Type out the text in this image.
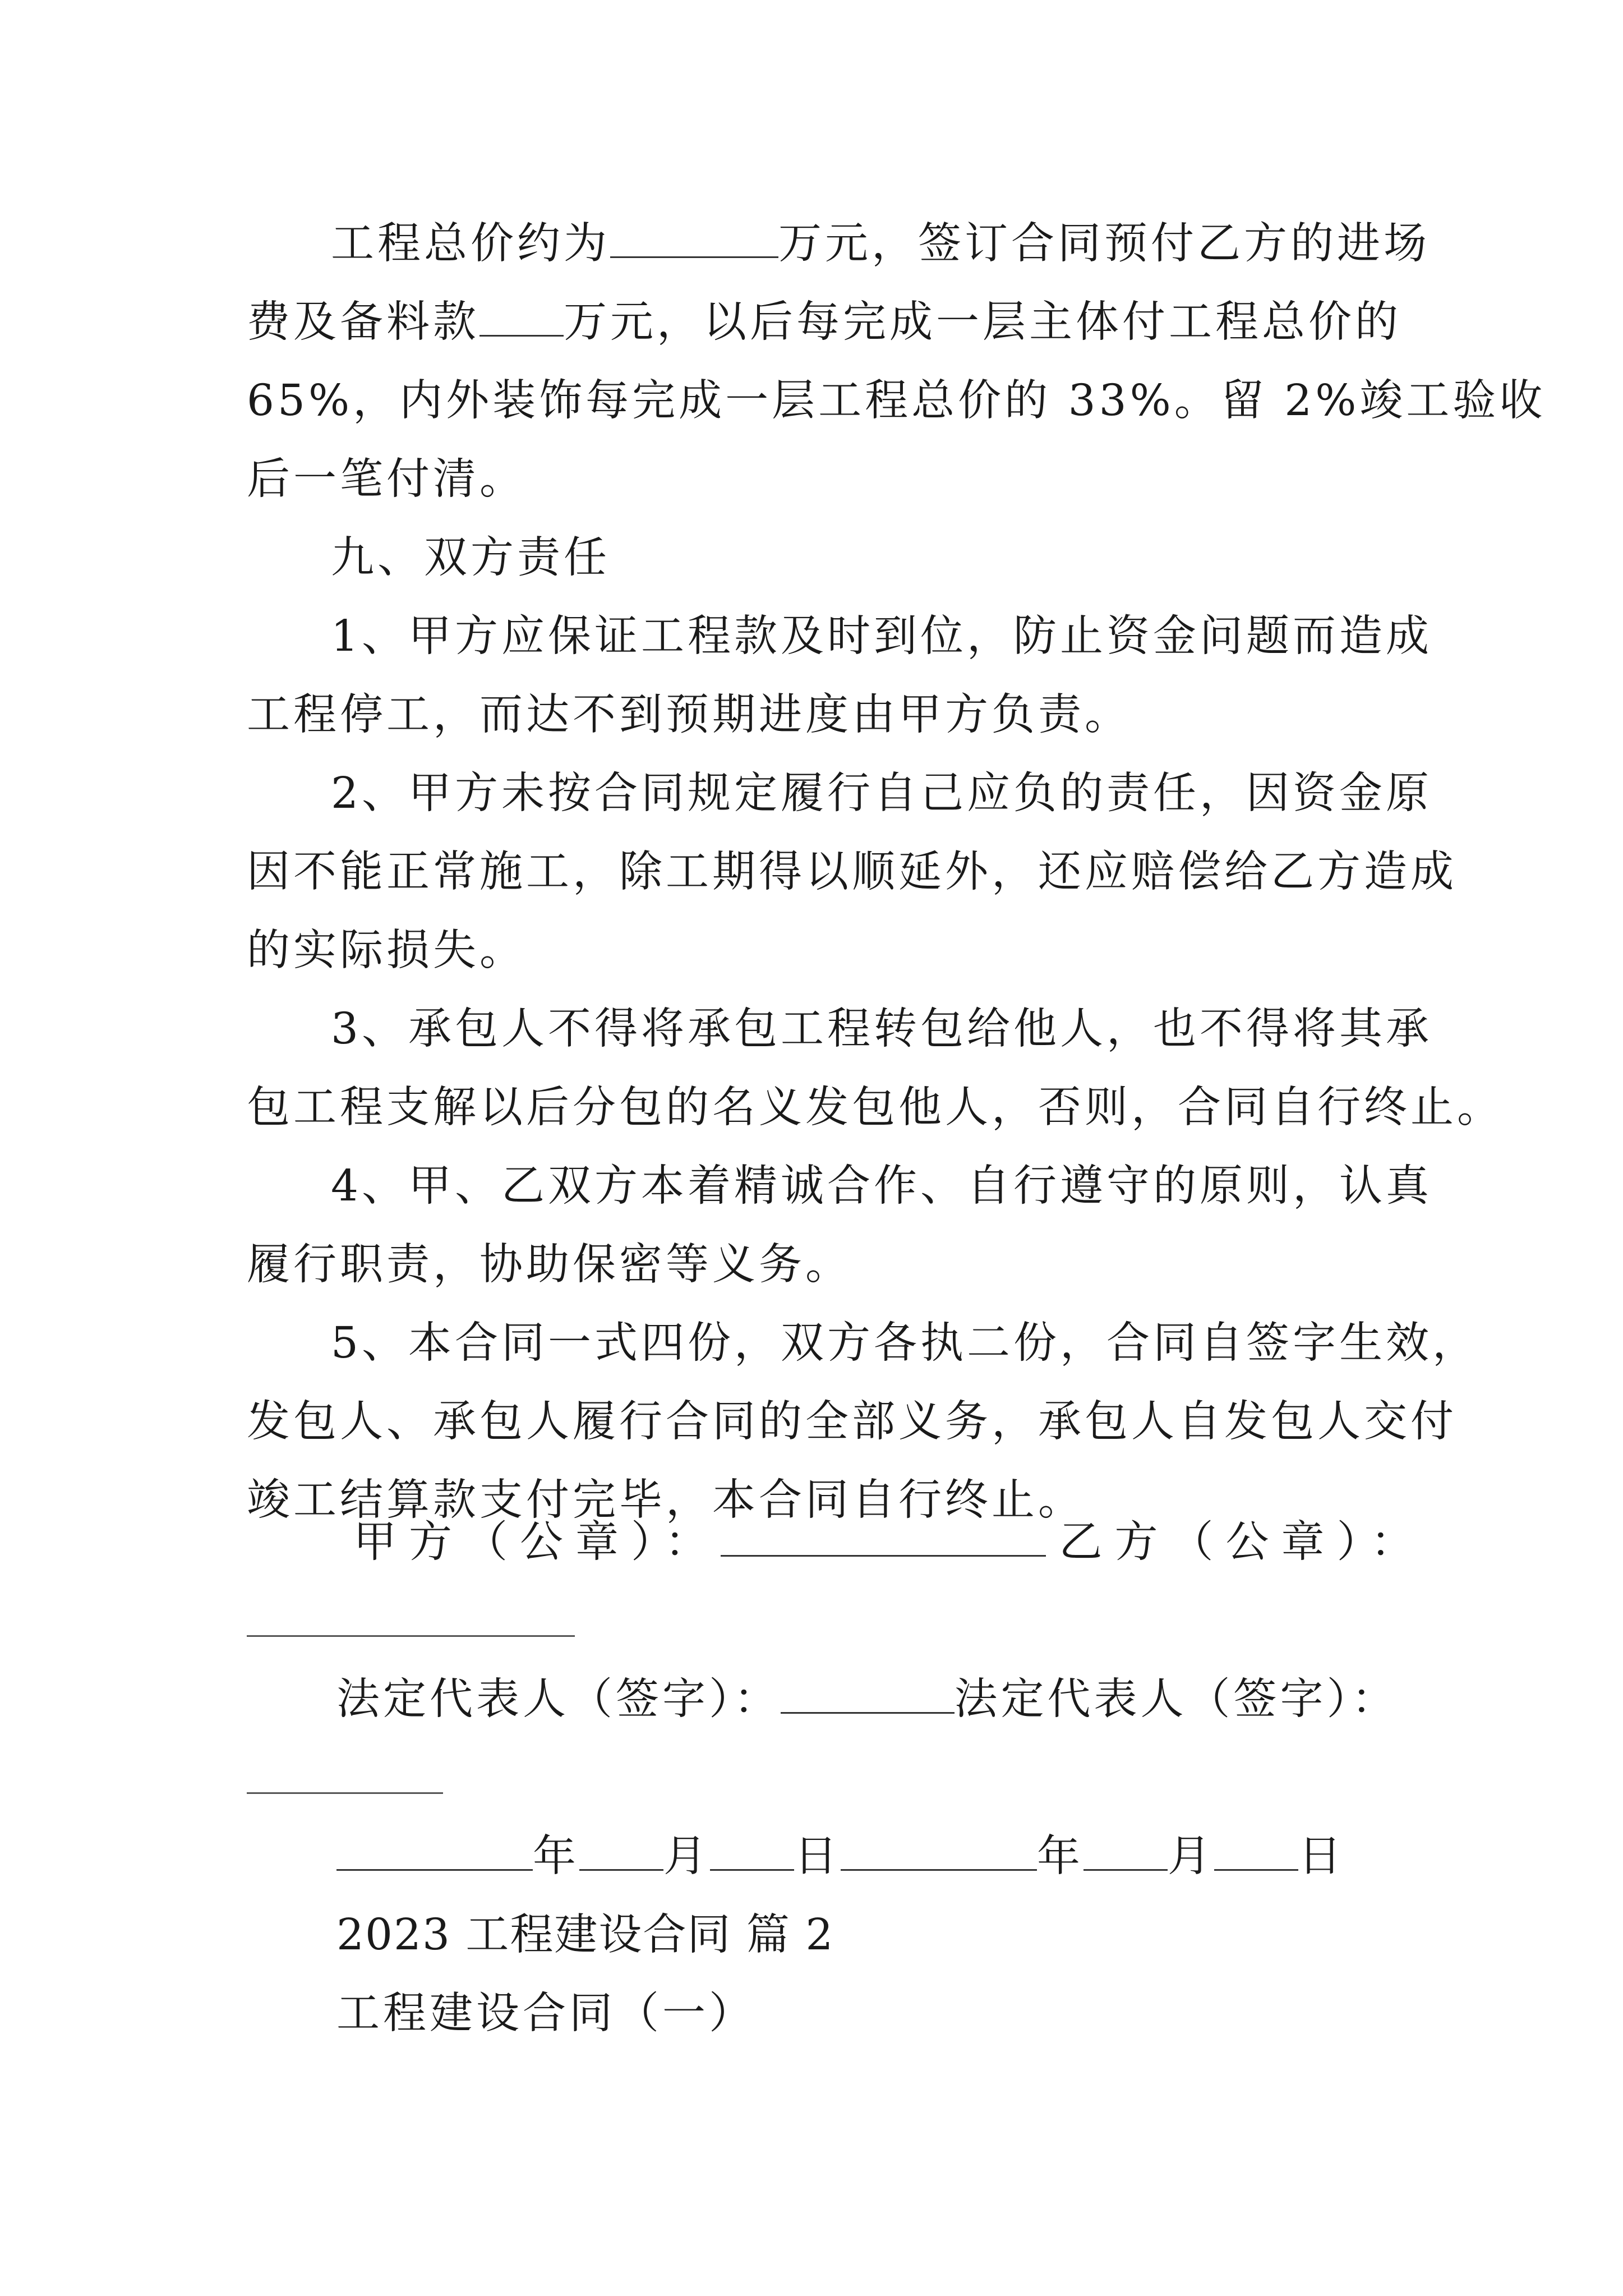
工程总价约为	万元，签订合同预付乙方的进场
费及备料款 万元，以后每完成一层主体付工程总价的
65%，内外装饰每完成一层工程总价的 33%。留 2%竣工验收
后一笔付清。
九、双方责任
1、甲方应保证工程款及时到位，防止资金问题而造成
工程停工，而达不到预期进度由甲方负责。
2、甲方未按合同规定履行自己应负的责任，因资金原
因不能正常施工，除工期得以顺延外，还应赔偿给乙方造成
的实际损失。
3、承包人不得将承包工程转包给他人，也不得将其承
包工程支解以后分包的名义发包他人，否则，合同自行终止。
4、甲、乙双方本着精诚合作、自行遵守的原则，认真
履行职责，协助保密等义务。
5、本合同一式四份，双方各执二份，合同自签字生效，
发包人、承包人履行合同的全部义务，承包人自发包人交付
竣工结算款支付完毕，本合同自行终止。
甲方（公章）：	乙方（公章）：
法定代表人（签字）：	法定代表人（签字）：
年 月 日	年 月 日
2023 工程建设合同 篇 2
工程建设合同（一）
